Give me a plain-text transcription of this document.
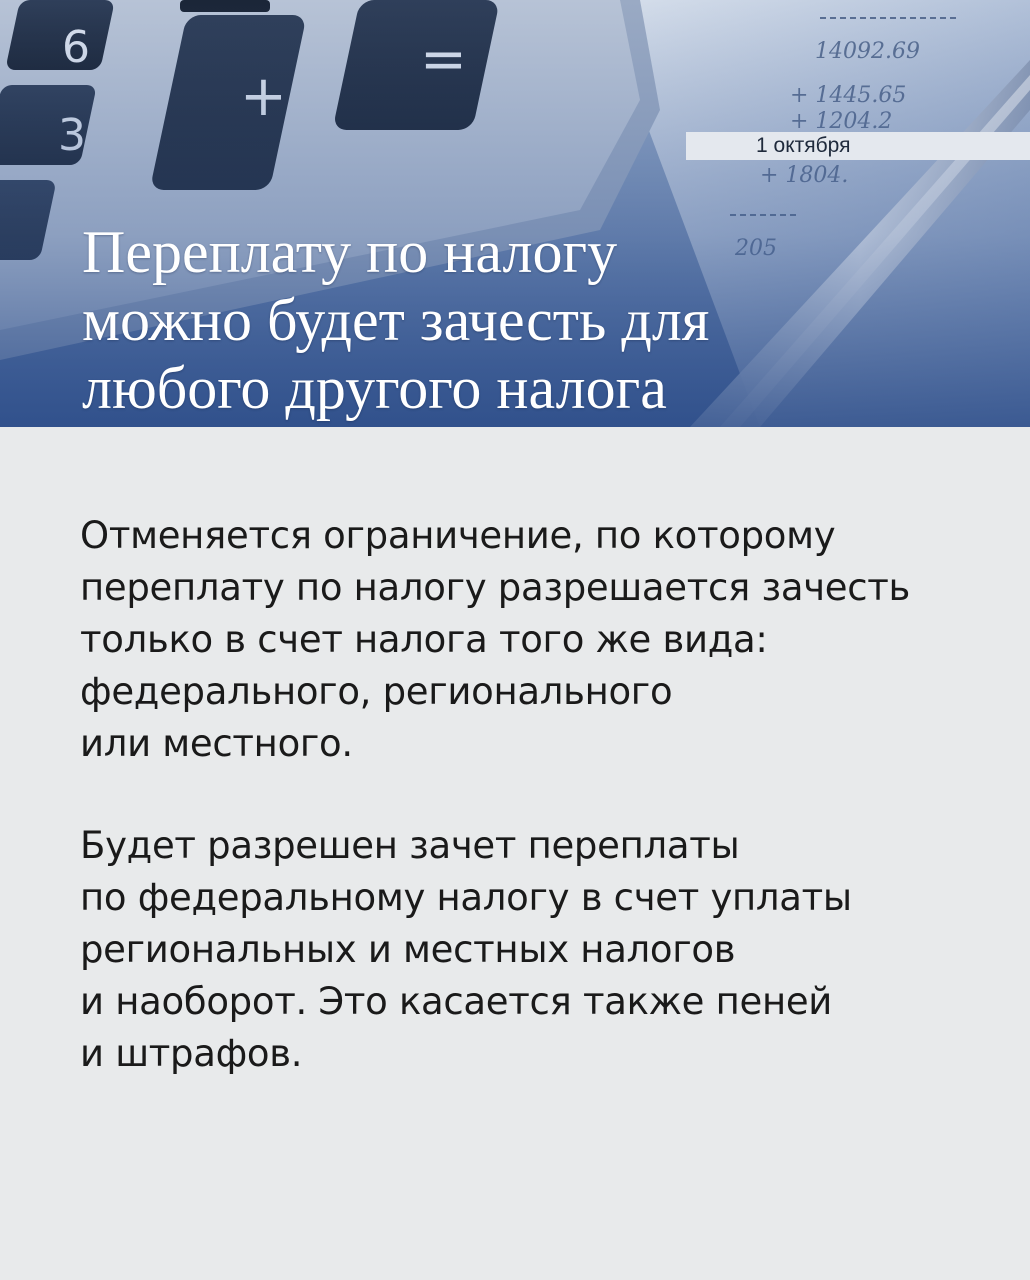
1 октября
Переплату по налогу
можно будет зачесть для
любого другого налога

Отменяется ограничение, по которому
переплату по налогу разрешается зачесть
только в счет налога того же вида:
федерального, регионального
или местного.

Будет разрешен зачет переплаты
по федеральному налогу в счет уплаты
региональных и местных налогов
и наоборот. Это касается также пеней
и штрафов.
